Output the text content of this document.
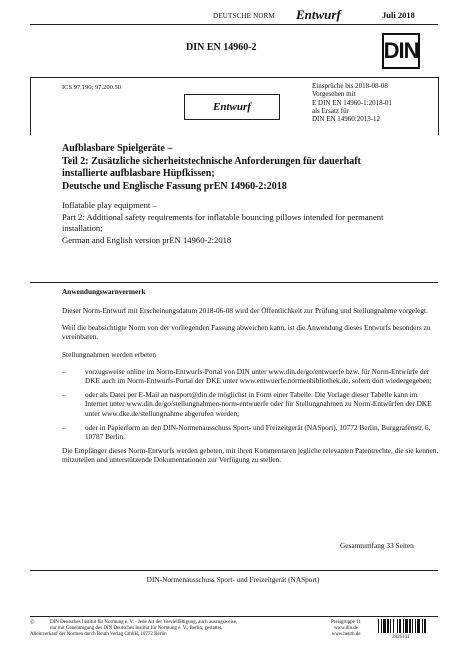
DEUTSCHE NORM Entwurf	Juli 2018
DIN EN 14960-2	DIN
ICS 97.190; 97.200.50
Entwurf
Einsprüche bis 2018-08-08
Vorgesehen mit
E DIN EN 14960-1:2018-01
als Ersatz für
DIN EN 14960:2013-12
Aufblasbare Spielgeräte –
Teil 2: Zusätzliche sicherheitstechnische Anforderungen für dauerhaft
installierte aufblasbare Hüpfkissen;
Deutsche und Englische Fassung prEN 14960-2:2018
Inflatable play equipment –
Part 2: Additional safety requirements for inflatable bouncing pillows intended for permanent
installation;
German and English version prEN 14960-2:2018
Anwendungswarnvermerk

Dieser Norm-Entwurf mit Erscheinungsdatum 2018-06-08 wird der Öffentlichkeit zur Prüfung und Stellungnahme vorgelegt.

Weil die beabsichtigte Norm von der vorliegenden Fassung abweichen kann, ist die Anwendung dieses Entwurfs besonders zu vereinbaren.

Stellungnahmen werden erbeten

–	vorzugsweise online im Norm-Entwurfs-Portal von DIN unter www.din.de/go/entwuerfe bzw. für Norm-Entwürfe der DKE auch im Norm-Entwurfs-Portal der DKE unter www.entwuerfe.normenbibliothek.de, sofern dort wiedergegeben;
–	oder als Datei per E-Mail an nasport@din.de möglichst in Form einer Tabelle. Die Vorlage dieser Tabelle kann im Internet unter www.din.de/go/stellungnahmen-norm-entwuerfe oder für Stellungnahmen zu Norm-Entwürfen der DKE unter www.dke.de/stellungnahme abgerufen werden;
–	oder in Papierform an den DIN-Normenausschuss Sport- und Freizeitgerät (NASport), 10772 Berlin, Burggrafenstr. 6, 10787 Berlin.

Die Empfänger dieses Norm-Entwurfs werden gebeten, mit ihren Kommentaren jegliche relevanten Patentrechte, die sie kennen, mitzuteilen und unterstützende Dokumentationen zur Verfügung zu stellen.

Gesamtumfang 33 Seiten
DIN-Normenausschuss Sport- und Freizeitgerät (NASport)
©	DIN Deutsches Institut für Normung e. V. · Jede Art der Vervielfältigung, auch auszugsweise,
nur mit Genehmigung des DIN Deutsches Institut für Normung e. V., Berlin, gestattet.
Alleinverkauf der Normen durch Beuth Verlag GmbH, 10772 Berlin
Preisgruppe 11
www.din.de
www.beuth.de
2826141
